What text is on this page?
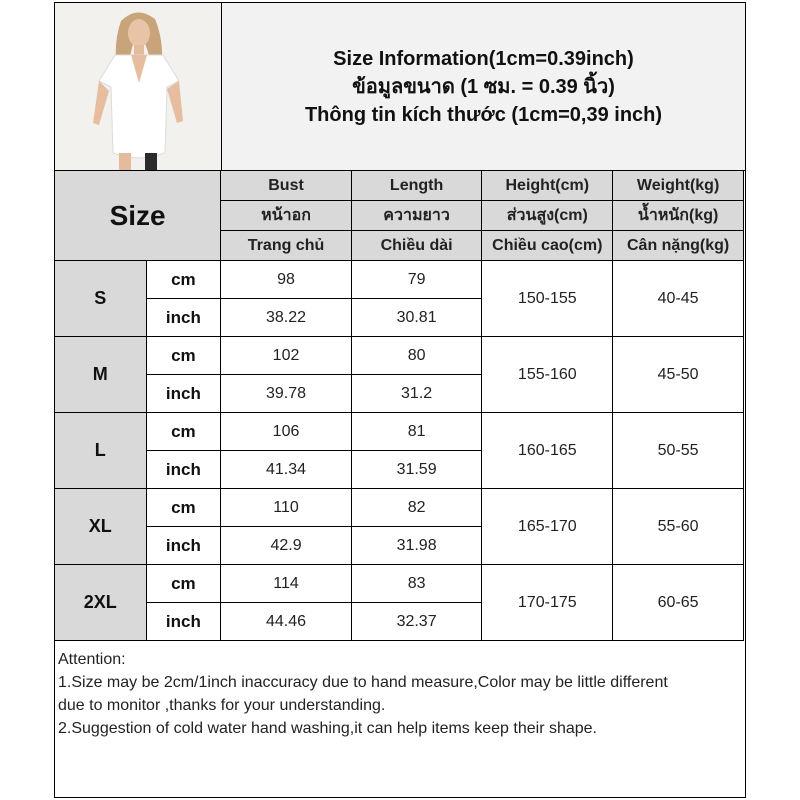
Size Information(1cm=0.39inch)
ข้อมูลขนาด (1 ซม. = 0.39 นิ้ว)
Thông tin kích thước (1cm=0,39 inch)
Size		Bust	Length	Height(cm)	Weight(kg)
		หน้าอก	ความยาว	ส่วนสูง(cm)	น้ำหนัก(kg)
		Trang chủ	Chiều dài	Chiều cao(cm)	Cân nặng(kg)
S	cm	98	79	150-155	40-45
	inch	38.22	30.81		
M	cm	102	80	155-160	45-50
	inch	39.78	31.2		
L	cm	106	81	160-165	50-55
	inch	41.34	31.59		
XL	cm	110	82	165-170	55-60
	inch	42.9	31.98		
2XL	cm	114	83	170-175	60-65
	inch	44.46	32.37		

Attention:

1.Size may be 2cm/1inch inaccuracy due to hand measure,Color may be little different

due to monitor ,thanks for your understanding.

2.Suggestion of cold water hand washing,it can help items keep their shape.
